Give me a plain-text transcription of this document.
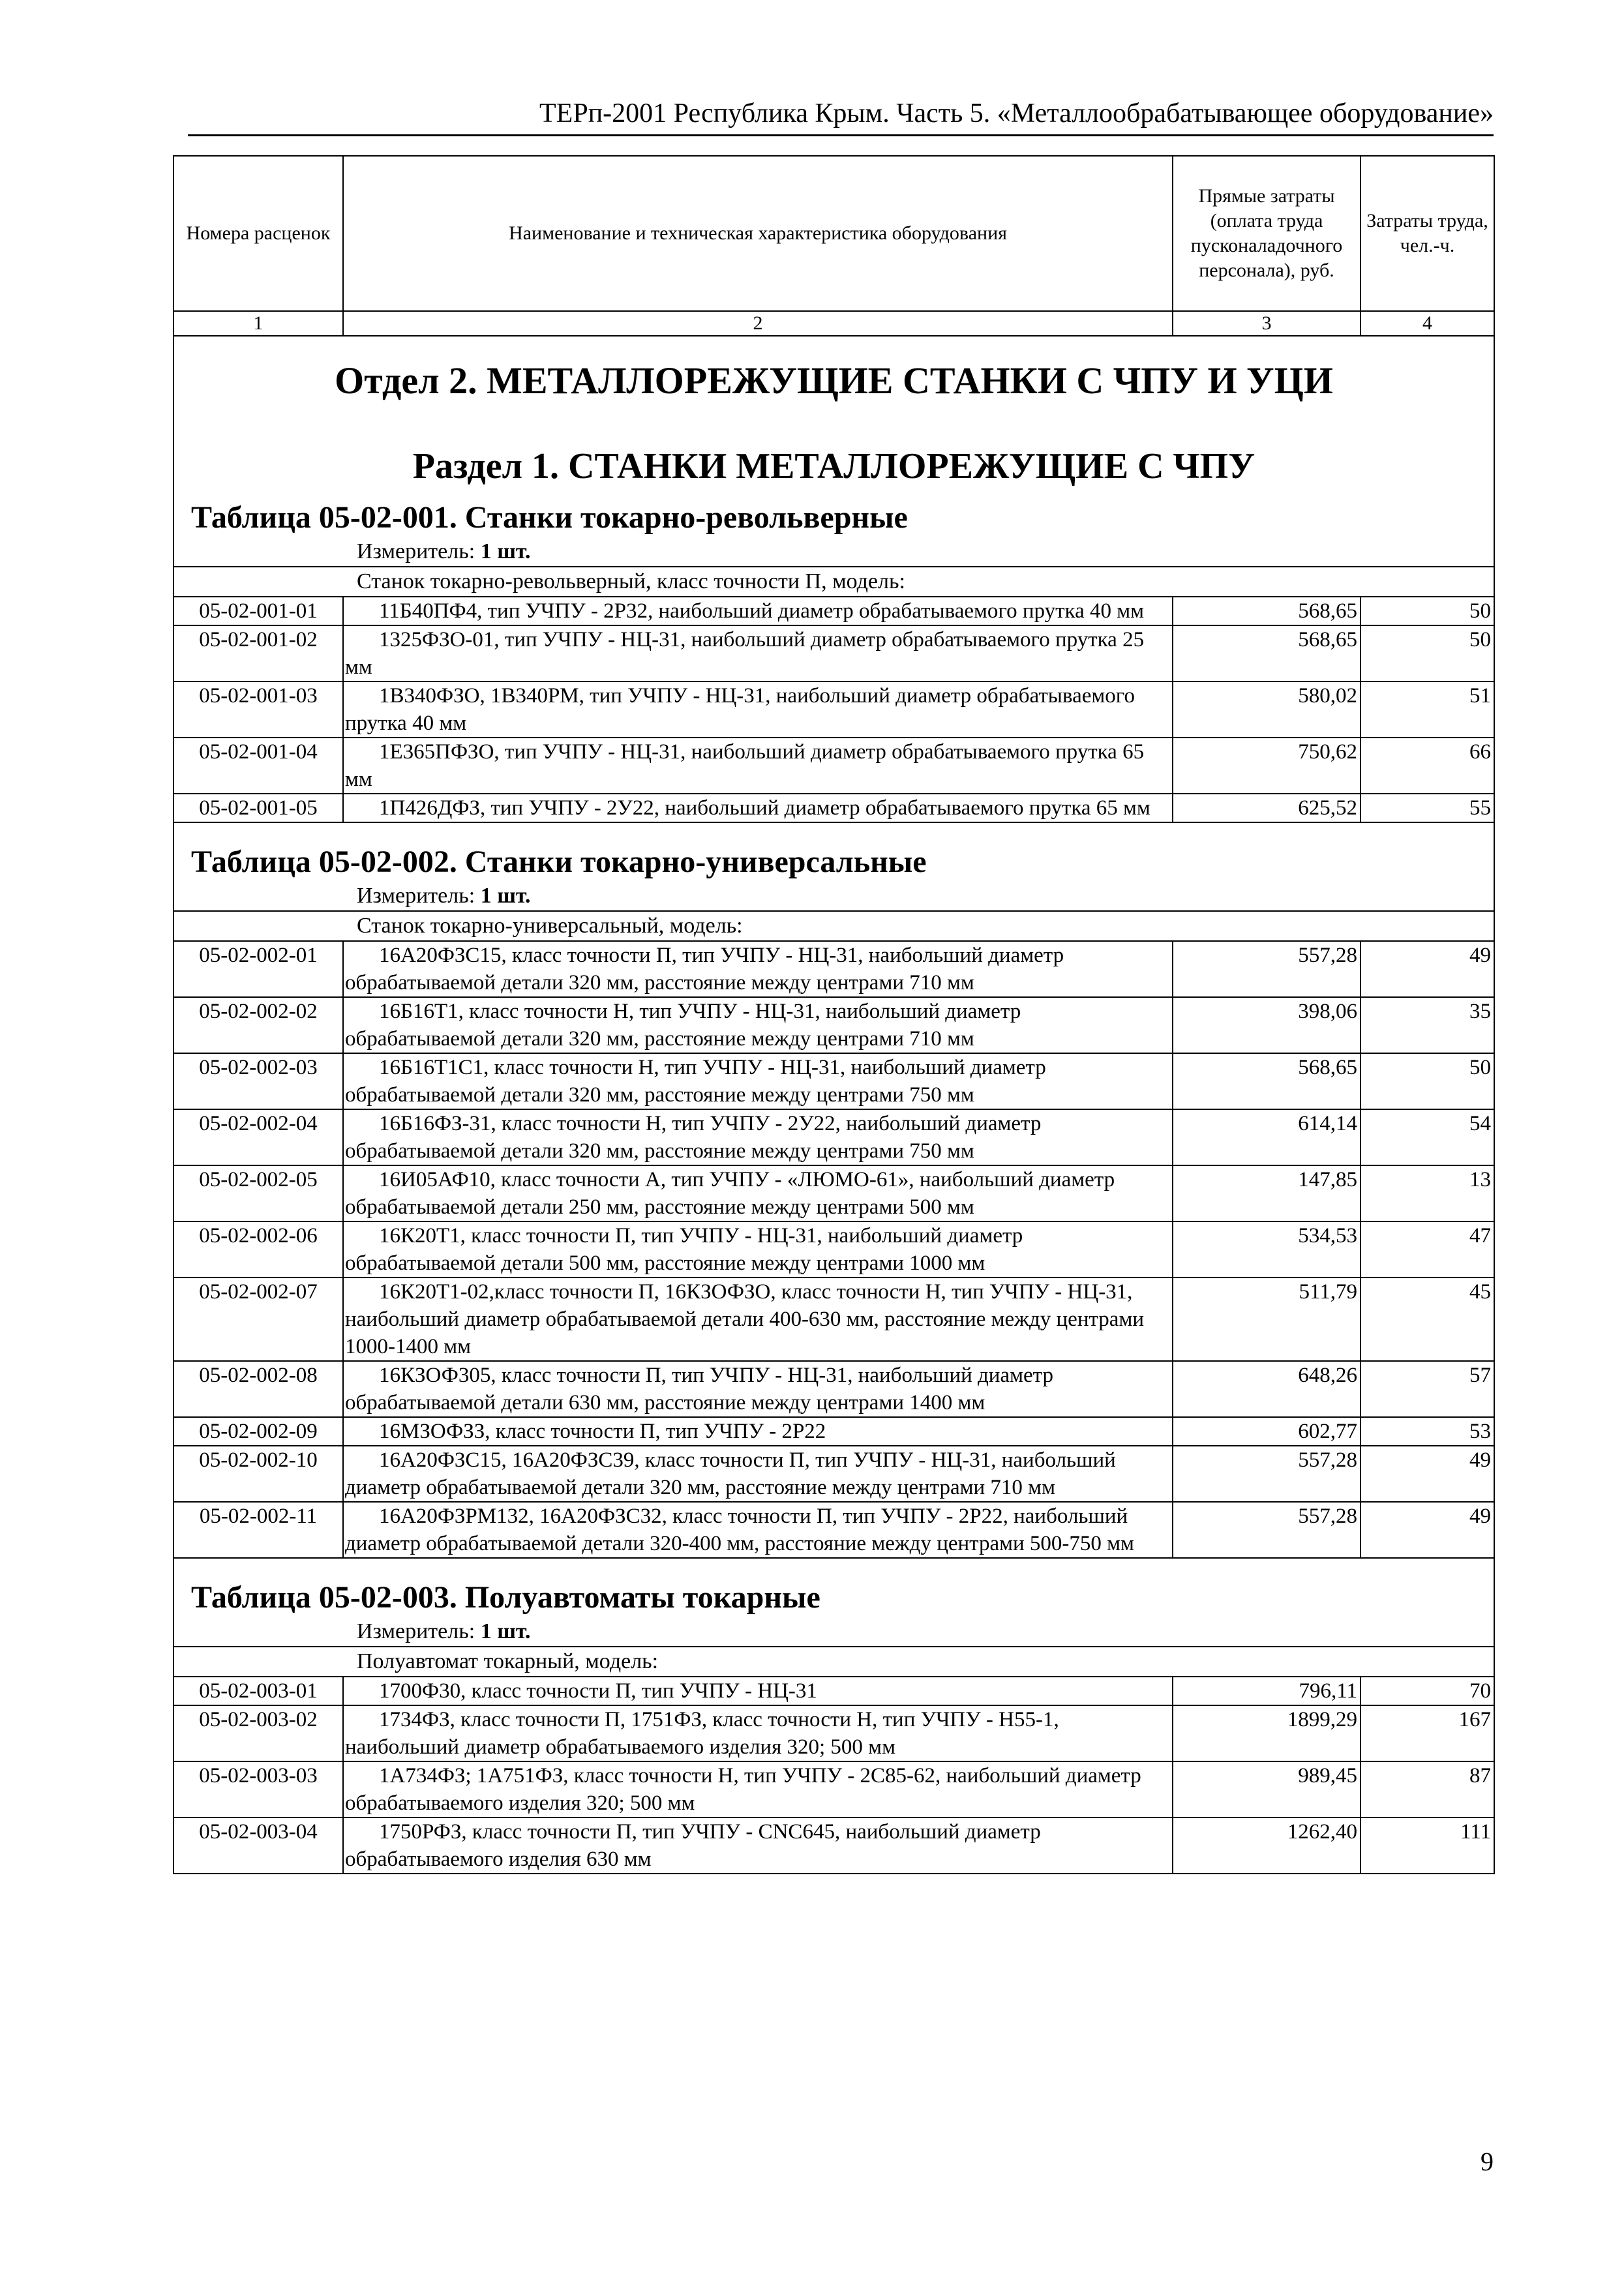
ТЕРп-2001 Республика Крым. Часть 5. «Металлообрабатывающее оборудование»
Номера расценок	Наименование и техническая характеристика оборудования	Прямые затраты (оплата труда пусконаладочного персонала), руб.	Затраты труда, чел.-ч.
1	2	3	4

Отдел 2. МЕТАЛЛОРЕЖУЩИЕ СТАНКИ С ЧПУ И УЦИ
Раздел 1. СТАНКИ МЕТАЛЛОРЕЖУЩИЕ С ЧПУ			

Таблица 05-02-001. Станки токарно-револьверные
Измеритель: 1 шт.			

Станок токарно-револьверный, класс точности П, модель:			
05-02-001-01	11Б40ПФ4, тип УЧПУ - 2Р32, наибольший диаметр обрабатываемого прутка 40 мм	568,65	50
05-02-001-02	1325ФЗО-01, тип УЧПУ - НЦ-31, наибольший диаметр обрабатываемого прутка 25 мм	568,65	50
05-02-001-03	1В340ФЗО, 1В340РМ, тип УЧПУ - НЦ-31, наибольший диаметр обрабатываемого прутка 40 мм	580,02	51
05-02-001-04	1Е365ПФЗО, тип УЧПУ - НЦ-31, наибольший диаметр обрабатываемого прутка 65 мм	750,62	66
05-02-001-05	1П426ДФЗ, тип УЧПУ - 2У22, наибольший диаметр обрабатываемого прутка 65 мм	625,52	55

Таблица 05-02-002. Станки токарно-универсальные
Измеритель: 1 шт.			

Станок токарно-универсальный, модель:			
05-02-002-01	16А20ФЗС15, класс точности П, тип УЧПУ - НЦ-31, наибольший диаметр обрабатываемой детали 320 мм, расстояние между центрами 710 мм	557,28	49
05-02-002-02	16Б16Т1, класс точности Н, тип УЧПУ - НЦ-31, наибольший диаметр обрабатываемой детали 320 мм, расстояние между центрами 710 мм	398,06	35
05-02-002-03	16Б16Т1С1, класс точности Н, тип УЧПУ - НЦ-31, наибольший диаметр обрабатываемой детали 320 мм, расстояние между центрами 750 мм	568,65	50
05-02-002-04	16Б16ФЗ-31, класс точности Н, тип УЧПУ - 2У22, наибольший диаметр обрабатываемой детали 320 мм, расстояние между центрами 750 мм	614,14	54
05-02-002-05	16И05АФ10, класс точности А, тип УЧПУ - «ЛЮМО-61», наибольший диаметр обрабатываемой детали 250 мм, расстояние между центрами 500 мм	147,85	13
05-02-002-06	16К20Т1, класс точности П, тип УЧПУ - НЦ-31, наибольший диаметр обрабатываемой детали 500 мм, расстояние между центрами 1000 мм	534,53	47
05-02-002-07	16К20Т1-02,класс точности П, 16КЗОФЗО, класс точности Н, тип УЧПУ - НЦ-31, наибольший диаметр обрабатываемой детали 400-630 мм, расстояние между центрами 1000-1400 мм	511,79	45
05-02-002-08	16КЗОФ305, класс точности П, тип УЧПУ - НЦ-31, наибольший диаметр обрабатываемой детали 630 мм, расстояние между центрами 1400 мм	648,26	57
05-02-002-09	16МЗОФЗЗ, класс точности П, тип УЧПУ - 2Р22	602,77	53
05-02-002-10	16А20ФЗС15, 16А20ФЗС39, класс точности П, тип УЧПУ - НЦ-31, наибольший диаметр обрабатываемой детали 320 мм, расстояние между центрами 710 мм	557,28	49
05-02-002-11	16А20ФЗРМ132, 16А20ФЗС32, класс точности П, тип УЧПУ - 2Р22, наибольший диаметр обрабатываемой детали 320-400 мм, расстояние между центрами 500-750 мм	557,28	49

Таблица 05-02-003. Полуавтоматы токарные
Измеритель: 1 шт.			

Полуавтомат токарный, модель:			
05-02-003-01	1700Ф30, класс точности П, тип УЧПУ - НЦ-31	796,11	70
05-02-003-02	1734ФЗ, класс точности П, 1751ФЗ, класс точности Н, тип УЧПУ - Н55-1, наибольший диаметр обрабатываемого изделия 320; 500 мм	1899,29	167
05-02-003-03	1А734ФЗ; 1А751ФЗ, класс точности Н, тип УЧПУ - 2С85-62, наибольший диаметр обрабатываемого изделия 320; 500 мм	989,45	87
05-02-003-04	1750РФЗ, класс точности П, тип УЧПУ - CNC645, наибольший диаметр обрабатываемого изделия 630 мм	1262,40	111
9
